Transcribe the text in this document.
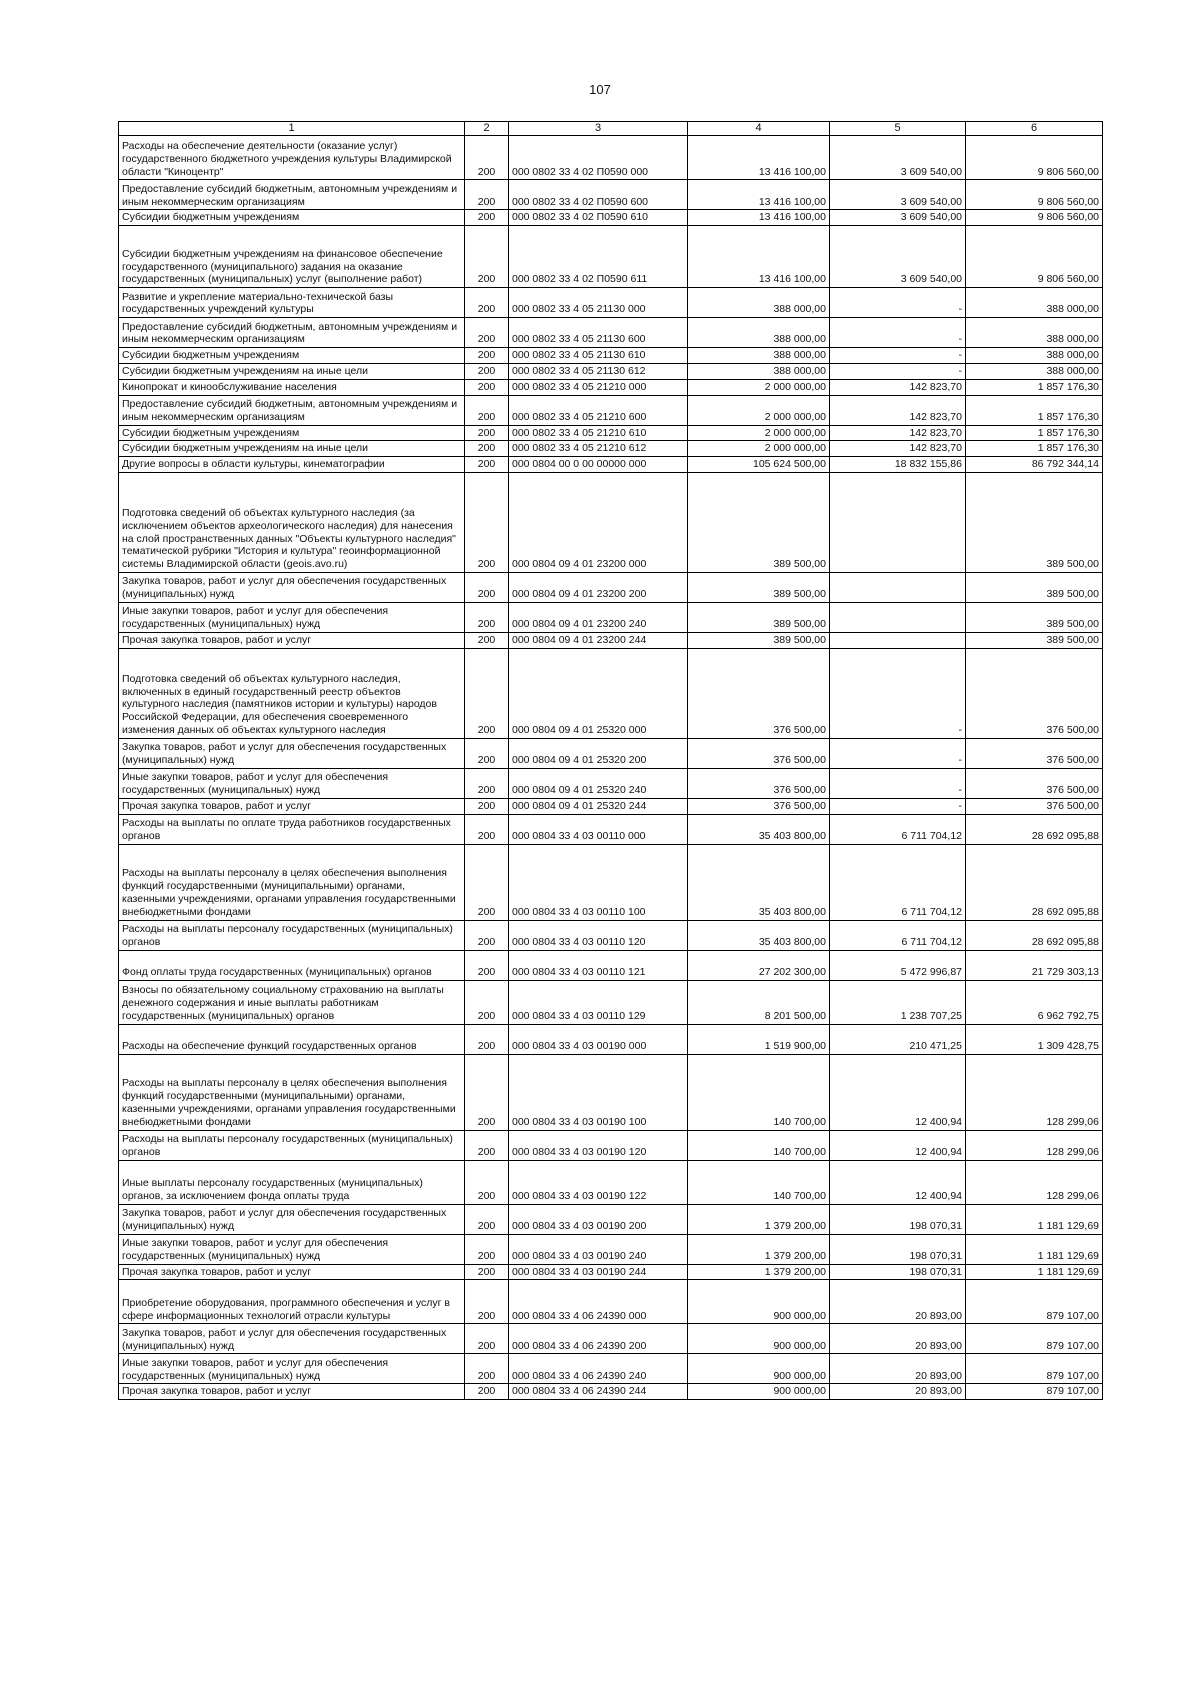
107
1	2	3	4	5	6
Расходы на обеспечение деятельности (оказание услуг) государственного бюджетного учреждения культуры Владимирской области "Киноцентр"	200	000 0802 33 4 02 П0590 000	13 416 100,00	3 609 540,00	9 806 560,00
Предоставление субсидий бюджетным, автономным учреждениям и иным некоммерческим организациям	200	000 0802 33 4 02 П0590 600	13 416 100,00	3 609 540,00	9 806 560,00
Субсидии бюджетным учреждениям	200	000 0802 33 4 02 П0590 610	13 416 100,00	3 609 540,00	9 806 560,00
Субсидии бюджетным учреждениям на финансовое обеспечение государственного (муниципального) задания на оказание государственных (муниципальных) услуг (выполнение работ)	200	000 0802 33 4 02 П0590 611	13 416 100,00	3 609 540,00	9 806 560,00
Развитие и укрепление материально-технической базы государственных учреждений культуры	200	000 0802 33 4 05 21130 000	388 000,00	-	388 000,00
Предоставление субсидий бюджетным, автономным учреждениям и иным некоммерческим организациям	200	000 0802 33 4 05 21130 600	388 000,00	-	388 000,00
Субсидии бюджетным учреждениям	200	000 0802 33 4 05 21130 610	388 000,00	-	388 000,00
Субсидии бюджетным учреждениям на иные цели	200	000 0802 33 4 05 21130 612	388 000,00	-	388 000,00
Кинопрокат и кинообслуживание населения	200	000 0802 33 4 05 21210 000	2 000 000,00	142 823,70	1 857 176,30
Предоставление субсидий бюджетным, автономным учреждениям и иным некоммерческим организациям	200	000 0802 33 4 05 21210 600	2 000 000,00	142 823,70	1 857 176,30
Субсидии бюджетным учреждениям	200	000 0802 33 4 05 21210 610	2 000 000,00	142 823,70	1 857 176,30
Субсидии бюджетным учреждениям на иные цели	200	000 0802 33 4 05 21210 612	2 000 000,00	142 823,70	1 857 176,30
Другие вопросы в области культуры, кинематографии	200	000 0804 00 0 00 00000 000	105 624 500,00	18 832 155,86	86 792 344,14
Подготовка сведений об объектах культурного наследия (за исключением объектов археологического наследия) для нанесения на слой пространственных данных "Объекты культурного наследия" тематической рубрики "История и культура" геоинформационной системы Владимирской области (geois.avo.ru)	200	000 0804 09 4 01 23200 000	389 500,00		389 500,00
Закупка товаров, работ и услуг для обеспечения государственных (муниципальных) нужд	200	000 0804 09 4 01 23200 200	389 500,00		389 500,00
Иные закупки товаров, работ и услуг для обеспечения государственных (муниципальных) нужд	200	000 0804 09 4 01 23200 240	389 500,00		389 500,00
Прочая закупка товаров, работ и услуг	200	000 0804 09 4 01 23200 244	389 500,00		389 500,00
Подготовка сведений об объектах культурного наследия, включенных в единый государственный реестр объектов культурного наследия (памятников истории и культуры) народов Российской Федерации, для обеспечения своевременного изменения данных об объектах культурного наследия	200	000 0804 09 4 01 25320 000	376 500,00	-	376 500,00
Закупка товаров, работ и услуг для обеспечения государственных (муниципальных) нужд	200	000 0804 09 4 01 25320 200	376 500,00	-	376 500,00
Иные закупки товаров, работ и услуг для обеспечения государственных (муниципальных) нужд	200	000 0804 09 4 01 25320 240	376 500,00	-	376 500,00
Прочая закупка товаров, работ и услуг	200	000 0804 09 4 01 25320 244	376 500,00	-	376 500,00
Расходы на выплаты по оплате труда работников государственных органов	200	000 0804 33 4 03 00110 000	35 403 800,00	6 711 704,12	28 692 095,88
Расходы на выплаты персоналу в целях обеспечения выполнения функций государственными (муниципальными) органами, казенными учреждениями, органами управления государственными внебюджетными фондами	200	000 0804 33 4 03 00110 100	35 403 800,00	6 711 704,12	28 692 095,88
Расходы на выплаты персоналу государственных (муниципальных) органов	200	000 0804 33 4 03 00110 120	35 403 800,00	6 711 704,12	28 692 095,88
Фонд оплаты труда государственных (муниципальных) органов	200	000 0804 33 4 03 00110 121	27 202 300,00	5 472 996,87	21 729 303,13
Взносы по обязательному социальному страхованию на выплаты денежного содержания и иные выплаты работникам государственных (муниципальных) органов	200	000 0804 33 4 03 00110 129	8 201 500,00	1 238 707,25	6 962 792,75
Расходы на обеспечение функций государственных органов	200	000 0804 33 4 03 00190 000	1 519 900,00	210 471,25	1 309 428,75
Расходы на выплаты персоналу в целях обеспечения выполнения функций государственными (муниципальными) органами, казенными учреждениями, органами управления государственными внебюджетными фондами	200	000 0804 33 4 03 00190 100	140 700,00	12 400,94	128 299,06
Расходы на выплаты персоналу государственных (муниципальных) органов	200	000 0804 33 4 03 00190 120	140 700,00	12 400,94	128 299,06
Иные выплаты персоналу государственных (муниципальных) органов, за исключением фонда оплаты труда	200	000 0804 33 4 03 00190 122	140 700,00	12 400,94	128 299,06
Закупка товаров, работ и услуг для обеспечения государственных (муниципальных) нужд	200	000 0804 33 4 03 00190 200	1 379 200,00	198 070,31	1 181 129,69
Иные закупки товаров, работ и услуг для обеспечения государственных (муниципальных) нужд	200	000 0804 33 4 03 00190 240	1 379 200,00	198 070,31	1 181 129,69
Прочая закупка товаров, работ и услуг	200	000 0804 33 4 03 00190 244	1 379 200,00	198 070,31	1 181 129,69
Приобретение оборудования, программного обеспечения и услуг в сфере информационных технологий отрасли культуры	200	000 0804 33 4 06 24390 000	900 000,00	20 893,00	879 107,00
Закупка товаров, работ и услуг для обеспечения государственных (муниципальных) нужд	200	000 0804 33 4 06 24390 200	900 000,00	20 893,00	879 107,00
Иные закупки товаров, работ и услуг для обеспечения государственных (муниципальных) нужд	200	000 0804 33 4 06 24390 240	900 000,00	20 893,00	879 107,00
Прочая закупка товаров, работ и услуг	200	000 0804 33 4 06 24390 244	900 000,00	20 893,00	879 107,00
